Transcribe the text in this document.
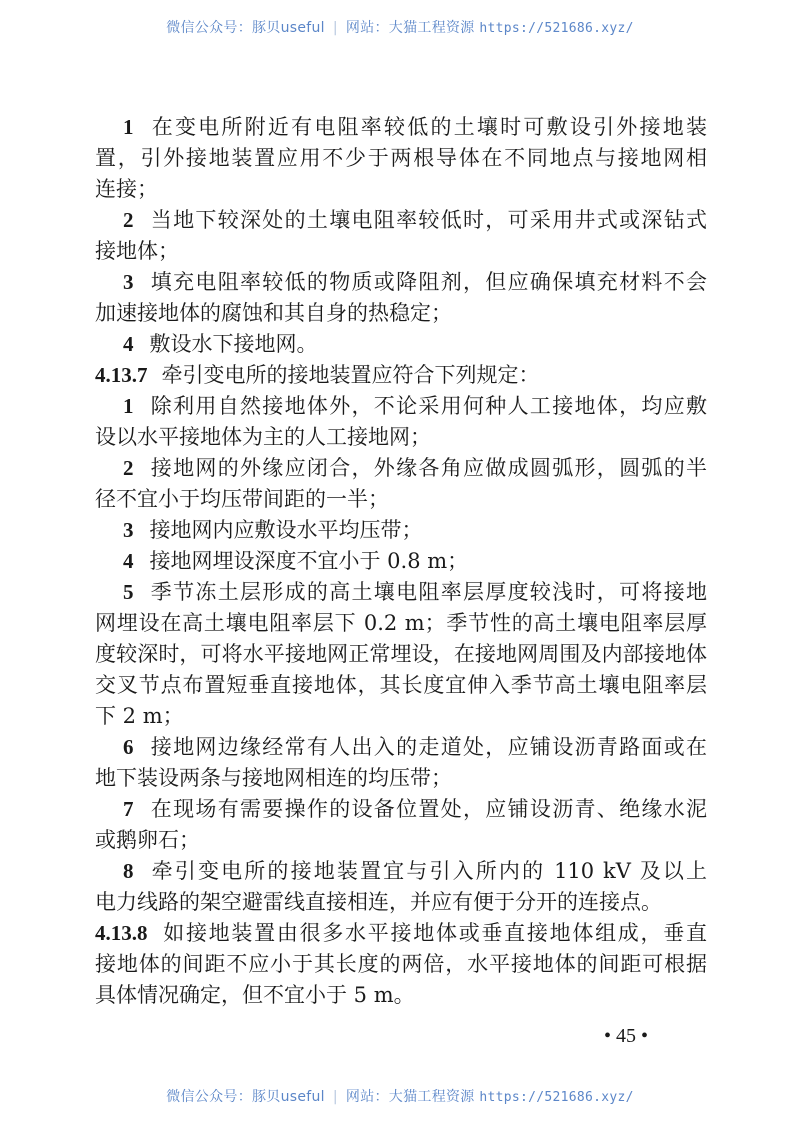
微信公众号：豚贝useful | 网站：大猫工程资源 https://521686.xyz/
1 在变电所附近有电阻率较低的土壤时可敷设引外接地装
置，引外接地装置应用不少于两根导体在不同地点与接地网相
连接；
2 当地下较深处的土壤电阻率较低时，可采用井式或深钻式
接地体；
3 填充电阻率较低的物质或降阻剂，但应确保填充材料不会
加速接地体的腐蚀和其自身的热稳定；
4 敷设水下接地网。
4.13.7 牵引变电所的接地装置应符合下列规定：
1 除利用自然接地体外，不论采用何种人工接地体，均应敷
设以水平接地体为主的人工接地网；
2 接地网的外缘应闭合，外缘各角应做成圆弧形，圆弧的半
径不宜小于均压带间距的一半；
3 接地网内应敷设水平均压带；
4 接地网埋设深度不宜小于 0.8 m；
5 季节冻土层形成的高土壤电阻率层厚度较浅时，可将接地
网埋设在高土壤电阻率层下 0.2 m；季节性的高土壤电阻率层厚
度较深时，可将水平接地网正常埋设，在接地网周围及内部接地体
交叉节点布置短垂直接地体，其长度宜伸入季节高土壤电阻率层
下 2 m；
6 接地网边缘经常有人出入的走道处，应铺设沥青路面或在
地下装设两条与接地网相连的均压带；
7 在现场有需要操作的设备位置处，应铺设沥青、绝缘水泥
或鹅卵石；
8 牵引变电所的接地装置宜与引入所内的 110 kV 及以上
电力线路的架空避雷线直接相连，并应有便于分开的连接点。
4.13.8 如接地装置由很多水平接地体或垂直接地体组成，垂直
接地体的间距不应小于其长度的两倍，水平接地体的间距可根据
具体情况确定，但不宜小于 5 m。
• 45 •
微信公众号：豚贝useful | 网站：大猫工程资源 https://521686.xyz/
